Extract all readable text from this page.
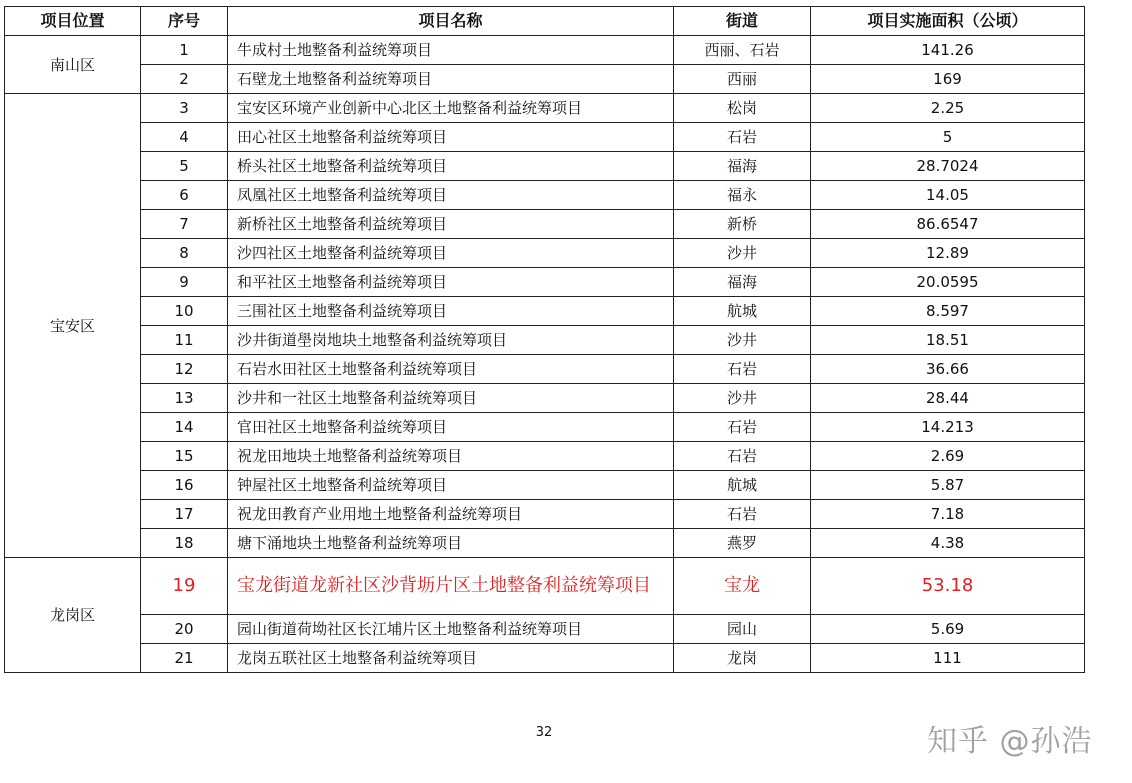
项目位置	序号	项目名称	街道	项目实施面积（公顷）
南山区	1	牛成村土地整备利益统筹项目	西丽、石岩	141.26
	2	石壁龙土地整备利益统筹项目	西丽	169
宝安区	3	宝安区环境产业创新中心北区土地整备利益统筹项目	松岗	2.25
	4	田心社区土地整备利益统筹项目	石岩	5
	5	桥头社区土地整备利益统筹项目	福海	28.7024
	6	凤凰社区土地整备利益统筹项目	福永	14.05
	7	新桥社区土地整备利益统筹项目	新桥	86.6547
	8	沙四社区土地整备利益统筹项目	沙井	12.89
	9	和平社区土地整备利益统筹项目	福海	20.0595
	10	三围社区土地整备利益统筹项目	航城	8.597
	11	沙井街道壆岗地块土地整备利益统筹项目	沙井	18.51
	12	石岩水田社区土地整备利益统筹项目	石岩	36.66
	13	沙井和一社区土地整备利益统筹项目	沙井	28.44
	14	官田社区土地整备利益统筹项目	石岩	14.213
	15	祝龙田地块土地整备利益统筹项目	石岩	2.69
	16	钟屋社区土地整备利益统筹项目	航城	5.87
	17	祝龙田教育产业用地土地整备利益统筹项目	石岩	7.18
	18	塘下涌地块土地整备利益统筹项目	燕罗	4.38
龙岗区	19	宝龙街道龙新社区沙背坜片区土地整备利益统筹项目	宝龙	53.18
	20	园山街道荷坳社区长江埔片区土地整备利益统筹项目	园山	5.69
	21	龙岗五联社区土地整备利益统筹项目	龙岗	111
32	知乎 @孙浩
